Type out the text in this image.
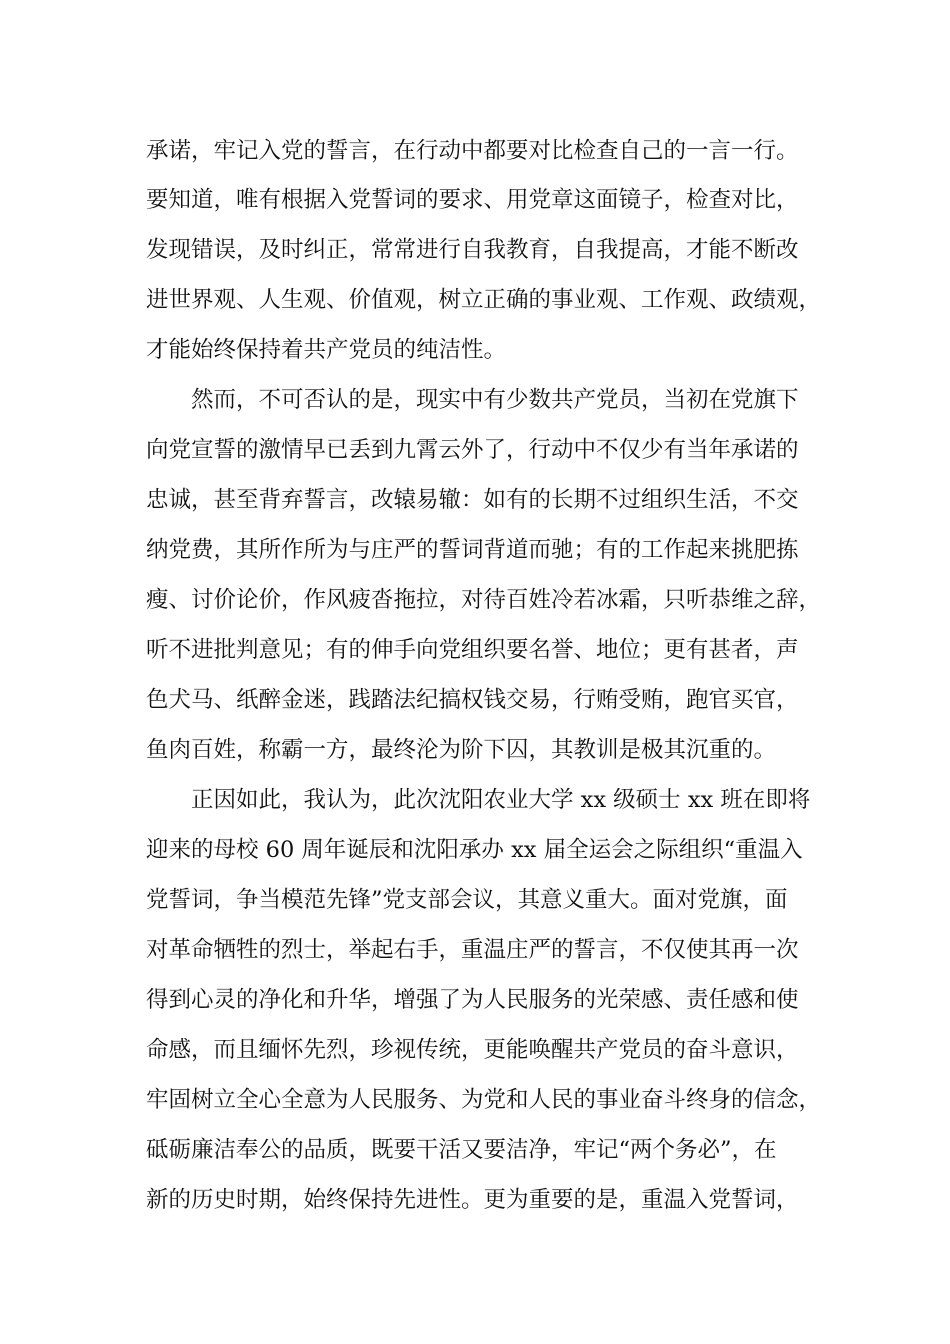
承诺，牢记入党的誓言，在行动中都要对比检查自己的一言一行。
要知道，唯有根据入党誓词的要求、用党章这面镜子，检查对比，
发现错误，及时纠正，常常进行自我教育，自我提高，才能不断改
进世界观、人生观、价值观，树立正确的事业观、工作观、政绩观，
才能始终保持着共产党员的纯洁性。
然而，不可否认的是，现实中有少数共产党员，当初在党旗下
向党宣誓的激情早已丢到九霄云外了，行动中不仅少有当年承诺的
忠诚，甚至背弃誓言，改辕易辙：如有的长期不过组织生活，不交
纳党费，其所作所为与庄严的誓词背道而驰；有的工作起来挑肥拣
瘦、讨价论价，作风疲沓拖拉，对待百姓冷若冰霜，只听恭维之辞，
听不进批判意见；有的伸手向党组织要名誉、地位；更有甚者，声
色犬马、纸醉金迷，践踏法纪搞权钱交易，行贿受贿，跑官买官，
鱼肉百姓，称霸一方，最终沦为阶下囚，其教训是极其沉重的。
正因如此，我认为，此次沈阳农业大学 xx 级硕士 xx 班在即将
迎来的母校 60 周年诞辰和沈阳承办 xx 届全运会之际组织“重温入
党誓词，争当模范先锋”党支部会议，其意义重大。面对党旗，面
对革命牺牲的烈士，举起右手，重温庄严的誓言，不仅使其再一次
得到心灵的净化和升华，增强了为人民服务的光荣感、责任感和使
命感，而且缅怀先烈，珍视传统，更能唤醒共产党员的奋斗意识，
牢固树立全心全意为人民服务、为党和人民的事业奋斗终身的信念，
砥砺廉洁奉公的品质，既要干活又要洁净，牢记“两个务必”，在
新的历史时期，始终保持先进性。更为重要的是，重温入党誓词，
